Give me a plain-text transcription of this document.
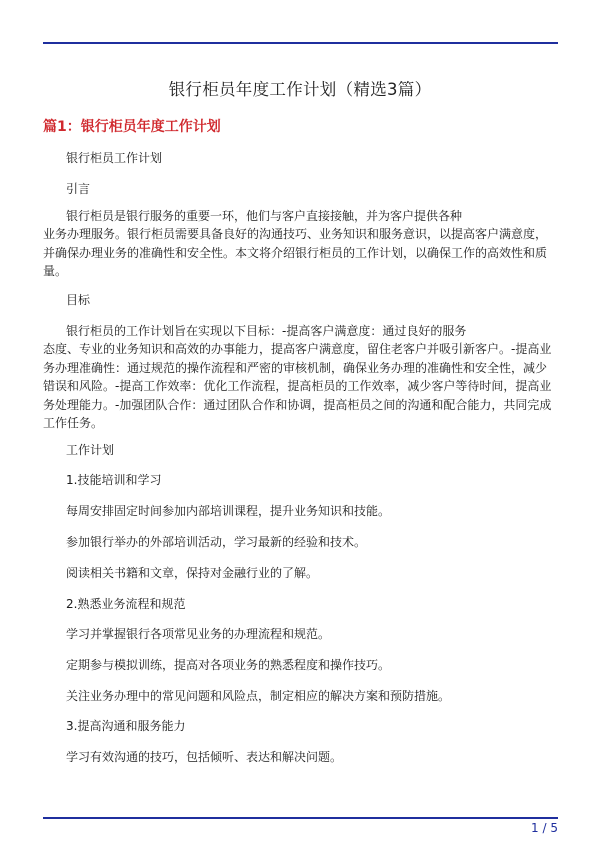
银行柜员年度工作计划（精选3篇）
篇1：银行柜员年度工作计划

银行柜员工作计划

引言

银行柜员是银行服务的重要一环，他们与客户直接接触，并为客户提供各种

业务办理服务。银行柜员需要具备良好的沟通技巧、业务知识和服务意识，以提高客户满意度，并确保办理业务的准确性和安全性。本文将介绍银行柜员的工作计划，以确保工作的高效性和质量。

目标

银行柜员的工作计划旨在实现以下目标：-提高客户满意度：通过良好的服务

态度、专业的业务知识和高效的办事能力，提高客户满意度，留住老客户并吸引新客户。-提高业务办理准确性：通过规范的操作流程和严密的审核机制，确保业务办理的准确性和安全性，减少错误和风险。-提高工作效率：优化工作流程，提高柜员的工作效率，减少客户等待时间，提高业务处理能力。-加强团队合作：通过团队合作和协调，提高柜员之间的沟通和配合能力，共同完成工作任务。

工作计划

1.技能培训和学习

每周安排固定时间参加内部培训课程，提升业务知识和技能。

参加银行举办的外部培训活动，学习最新的经验和技术。

阅读相关书籍和文章，保持对金融行业的了解。

2.熟悉业务流程和规范

学习并掌握银行各项常见业务的办理流程和规范。

定期参与模拟训练，提高对各项业务的熟悉程度和操作技巧。

关注业务办理中的常见问题和风险点，制定相应的解决方案和预防措施。

3.提高沟通和服务能力

学习有效沟通的技巧，包括倾听、表达和解决问题。

1 / 5
